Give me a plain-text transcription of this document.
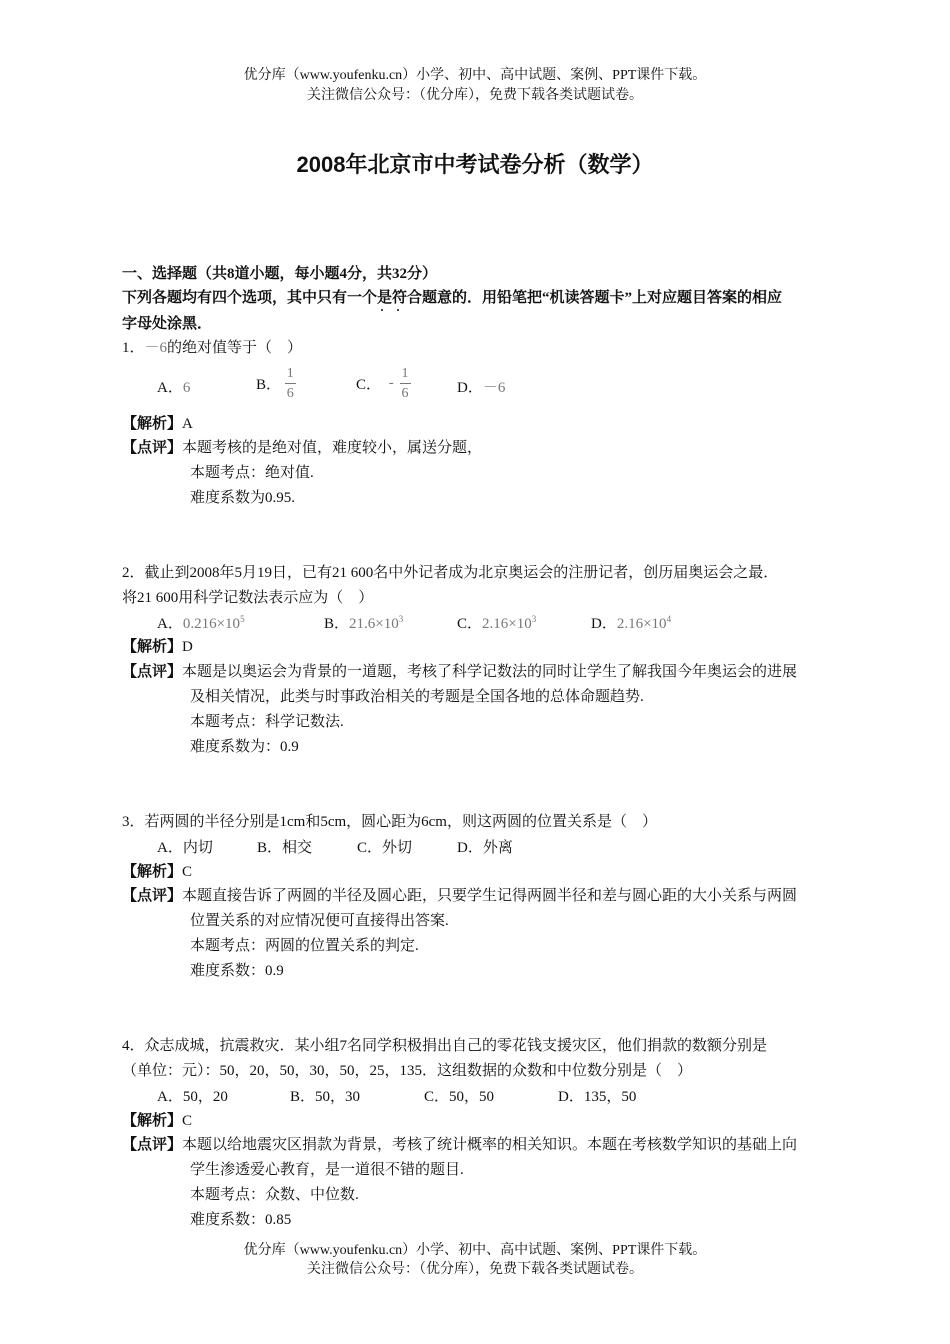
优分库（www.youfenku.cn）小学、初中、高中试题、案例、PPT课件下载。
关注微信公众号：（优分库），免费下载各类试题试卷。
2008年北京市中考试卷分析（数学）
一、选择题（共8道小题，每小题4分，共32分）
下列各题均有四个选项，其中只有一个是符合题意的．用铅笔把“机读答题卡”上对应题目答案的相应
字母处涂黑．
1．－6的绝对值等于（　）
A．6	B． $\frac{1}{6}$	C． - $\frac{1}{6}$	D．－6
【解析】A
【点评】本题考核的是绝对值，难度较小，属送分题，
本题考点：绝对值.
难度系数为0.95.
2．截止到2008年5月19日，已有21 600名中外记者成为北京奥运会的注册记者，创历届奥运会之最．
将21 600用科学记数法表示应为（　）
A．$0.216\times 10^5$	B．$21.6\times 10^3$	C．$2.16\times 10^3$	D．$2.16\times 10^4$
【解析】D
【点评】本题是以奥运会为背景的一道题，考核了科学记数法的同时让学生了解我国今年奥运会的进展
及相关情况，此类与时事政治相关的考题是全国各地的总体命题趋势.
本题考点：科学记数法.
难度系数为：0.9
3．若两圆的半径分别是1cm和5cm，圆心距为6cm，则这两圆的位置关系是（　）
A．内切	B．相交	C．外切	D．外离
【解析】C
【点评】本题直接告诉了两圆的半径及圆心距，只要学生记得两圆半径和差与圆心距的大小关系与两圆
位置关系的对应情况便可直接得出答案.
本题考点：两圆的位置关系的判定.
难度系数：0.9
4．众志成城，抗震救灾．某小组7名同学积极捐出自己的零花钱支援灾区，他们捐款的数额分别是
（单位：元）：50，20，50，30，50，25，135．这组数据的众数和中位数分别是（　）
A．50，20	B．50，30	C．50，50	D．135，50
【解析】C
【点评】本题以给地震灾区捐款为背景，考核了统计概率的相关知识。本题在考核数学知识的基础上向
学生渗透爱心教育，是一道很不错的题目.
本题考点：众数、中位数.
难度系数：0.85
优分库（www.youfenku.cn）小学、初中、高中试题、案例、PPT课件下载。
关注微信公众号：（优分库），免费下载各类试题试卷。
